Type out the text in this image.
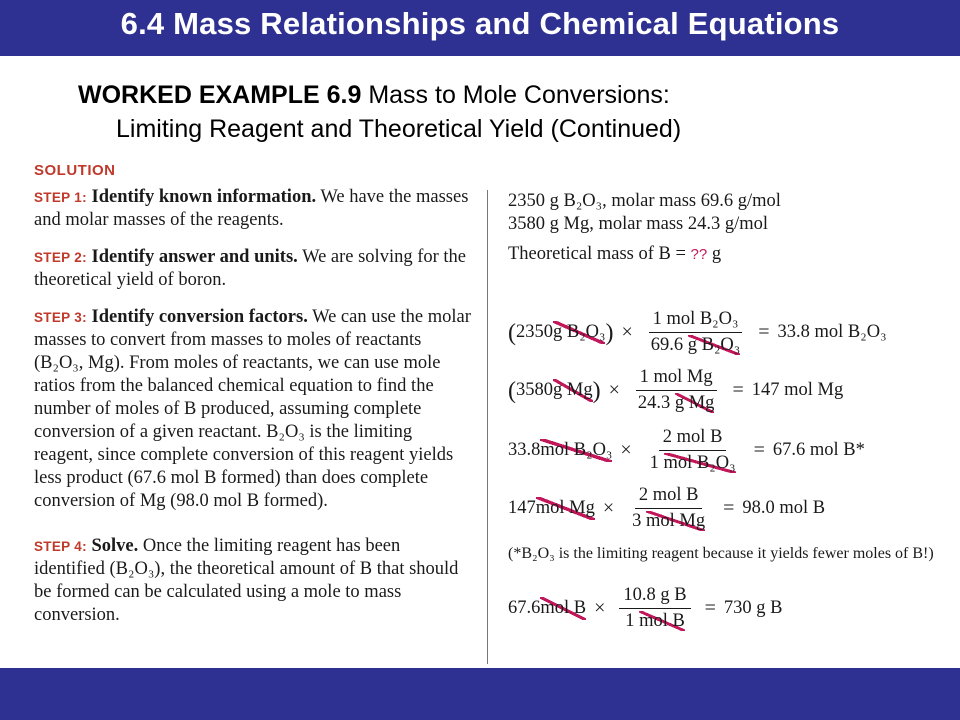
6.4 Mass Relationships and Chemical Equations
WORKED EXAMPLE 6.9 Mass to Mole Conversions:
Limiting Reagent and Theoretical Yield (Continued)
SOLUTION

STEP 1: Identify known information. We have the masses and molar masses of the reagents.

STEP 2: Identify answer and units. We are solving for the theoretical yield of boron.

STEP 3: Identify conversion factors. We can use the molar masses to convert from masses to moles of reactants (B₂O₃, Mg). From moles of reactants, we can use mole ratios from the balanced chemical equation to find the number of moles of B produced, assuming complete conversion of a given reactant. B₂O₃ is the limiting reagent, since complete conversion of this reagent yields less product (67.6 mol B formed) than does complete conversion of Mg (98.0 mol B formed).

STEP 4: Solve. Once the limiting reagent has been identified (B₂O₃), the theoretical amount of B that should be formed can be calculated using a mole to mass conversion.

2350 g B₂O₃, molar mass 69.6 g/mol
3580 g Mg, molar mass 24.3 g/mol
Theoretical mass of B = ?? g
( 2350 g B₂O₃ ) × $\frac{\text{1 mol B₂O₃}}{\text{69.6 g B₂O₃}} = 33.8$ mol B₂O₃
( 3580 g Mg ) × $\frac{\text{1 mol Mg}}{\text{24.3 g Mg}} = 147$ mol Mg
33.8 mol $B_2O_3 \times \frac{\text{2 mol B}}{\text{1 mol B₂O₃}} = 67.6$ mol B*
147 mol $Mg \times \frac{\text{2 mol B}}{\text{3 mol Mg}} = 98.0$ mol B
(*B₂O₃ is the limiting reagent because it yields fewer moles of B!)
67.6 mol $B \times \frac{\text{10.8 g B}}{\text{1 mol B}} = 730$ g B
